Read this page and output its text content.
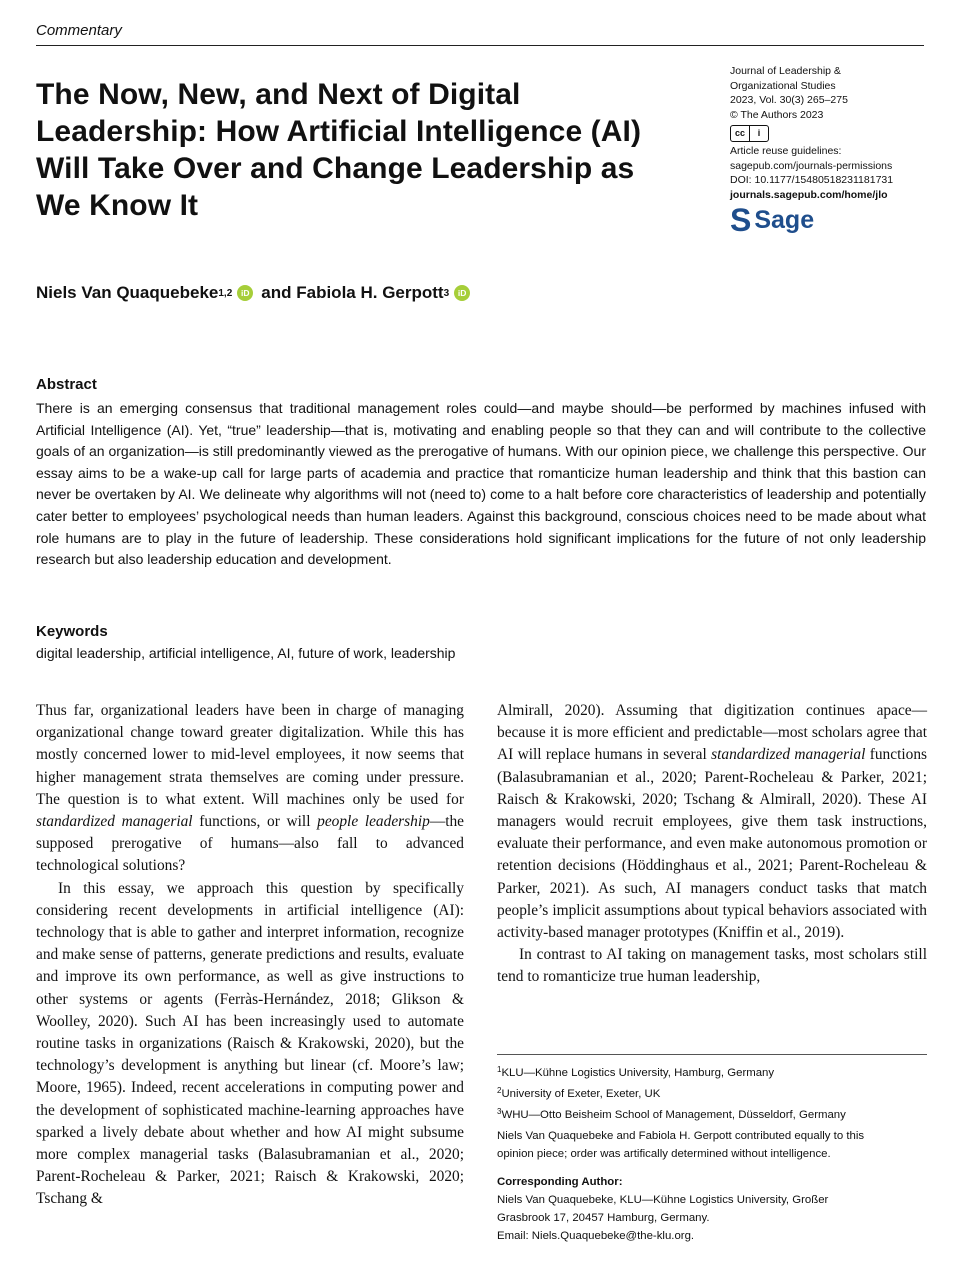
Commentary
The Now, New, and Next of Digital
Leadership: How Artificial Intelligence (AI)
Will Take Over and Change Leadership as
We Know It
Journal of Leadership &
Organizational Studies
2023, Vol. 30(3) 265–275
© The Authors 2023
cc	i
Article reuse guidelines:
sagepub.com/journals-permissions
DOI: 10.1177/15480518231181731
journals.sagepub.com/home/jlo
S Sage
Niels Van Quaquebeke 1,2	iD and
Fabiola H. Gerpott 3	iD
Abstract
There is an emerging consensus that traditional management roles could—and maybe should—be performed by machines infused with Artificial Intelligence (AI). Yet, “true” leadership—that is, motivating and enabling people so that they can and will contribute to the collective goals of an organization—is still predominantly viewed as the prerogative of humans. With our opinion piece, we challenge this perspective. Our essay aims to be a wake-up call for large parts of academia and practice that romanticize human leadership and think that this bastion can never be overtaken by AI. We delineate why algorithms will not (need to) come to a halt before core characteristics of leadership and potentially cater better to employees’ psychological needs than human leaders. Against this background, conscious choices need to be made about what role humans are to play in the future of leadership. These considerations hold significant implications for the future of not only leadership research but also leadership education and development.
Keywords
digital leadership, artificial intelligence, AI, future of work, leadership

Thus far, organizational leaders have been in charge of managing organizational change toward greater digitalization. While this has mostly concerned lower to mid-level employees, it now seems that higher management strata themselves are coming under pressure. The question is to what extent. Will machines only be used for standardized managerial functions, or will people leadership—the supposed prerogative of humans—also fall to advanced technological solutions?

In this essay, we approach this question by specifically considering recent developments in artificial intelligence (AI): technology that is able to gather and interpret information, recognize and make sense of patterns, generate predictions and results, evaluate and improve its own performance, as well as give instructions to other systems or agents (Ferràs-Hernández, 2018; Glikson & Woolley, 2020). Such AI has been increasingly used to automate routine tasks in organizations (Raisch & Krakowski, 2020), but the technology’s development is anything but linear (cf. Moore’s law; Moore, 1965). Indeed, recent accelerations in computing power and the development of sophisticated machine-learning approaches have sparked a lively debate about whether and how AI might subsume more complex managerial tasks (Balasubramanian et al., 2020; Parent-Rocheleau & Parker, 2021; Raisch & Krakowski, 2020; Tschang &

Almirall, 2020). Assuming that digitization continues apace—because it is more efficient and predictable—most scholars agree that AI will replace humans in several standardized managerial functions (Balasubramanian et al., 2020; Parent-Rocheleau & Parker, 2021; Raisch & Krakowski, 2020; Tschang & Almirall, 2020). These AI managers would recruit employees, give them task instructions, evaluate their performance, and even make autonomous promotion or retention decisions (Höddinghaus et al., 2021; Parent-Rocheleau & Parker, 2021). As such, AI managers conduct tasks that match people’s implicit assumptions about typical behaviors associated with activity-based manager prototypes (Kniffin et al., 2019).

In contrast to AI taking on management tasks, most scholars still tend to romanticize true human leadership,

$^1$KLU—Kühne Logistics University, Hamburg, Germany
$^2$University of Exeter, Exeter, UK
$^3$WHU—Otto Beisheim School of Management, Düsseldorf, Germany
Niels Van Quaquebeke and Fabiola H. Gerpott contributed equally to this
opinion piece; order was artifically determined without intelligence.
Corresponding Author:
Niels Van Quaquebeke, KLU—Kühne Logistics University, Großer
Grasbrook 17, 20457 Hamburg, Germany.
Email: Niels.Quaquebeke@the-klu.org.
